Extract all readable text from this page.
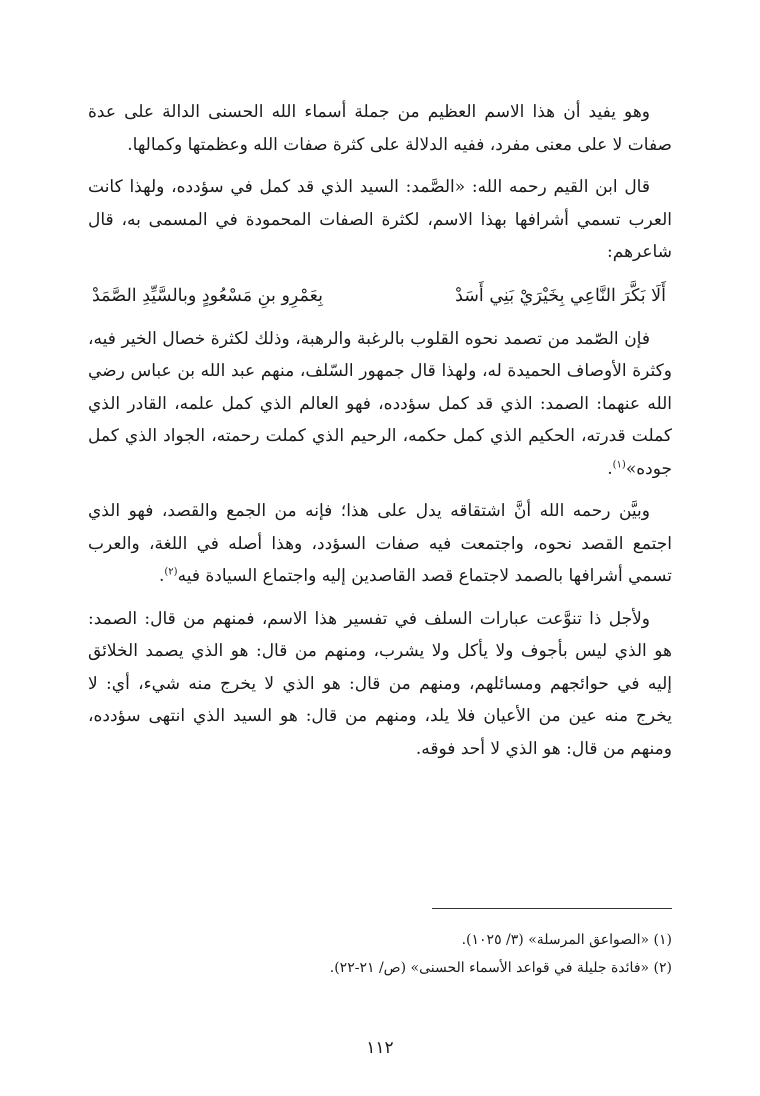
وهو يفيد أن هذا الاسم العظيم من جملة أسماء الله الحسنى الدالة على عدة صفات لا على معنى مفرد، ففيه الدلالة على كثرة صفات الله وعظمتها وكمالها.

قال ابن القيم رحمه الله: «الصَّمد: السيد الذي قد كمل في سؤدده، ولهذا كانت العرب تسمي أشرافها بهذا الاسم، لكثرة الصفات المحمودة في المسمى به، قال شاعرهم:

أَلَا بَكَّرَ النَّاعِي بِخَيْرَيْ بَنِي أَسَدْ
بِعَمْرِو بنِ مَسْعُودٍ وبالسَّيِّدِ الصَّمَدْ

فإن الصّمد من تصمد نحوه القلوب بالرغبة والرهبة، وذلك لكثرة خصال الخير فيه، وكثرة الأوصاف الحميدة له، ولهذا قال جمهور السّلف، منهم عبد الله بن عباس رضي الله عنهما: الصمد: الذي قد كمل سؤدده، فهو العالم الذي كمل علمه، القادر الذي كملت قدرته، الحكيم الذي كمل حكمه، الرحيم الذي كملت رحمته، الجواد الذي كمل جوده»$^{(١)}$.

وبيَّن رحمه الله أنَّ اشتقاقه يدل على هذا؛ فإنه من الجمع والقصد، فهو الذي اجتمع القصد نحوه، واجتمعت فيه صفات السؤدد، وهذا أصله في اللغة، والعرب تسمي أشرافها بالصمد لاجتماع قصد القاصدين إليه واجتماع السيادة فيه$^{(٢)}$.

ولأجل ذا تنوَّعت عبارات السلف في تفسير هذا الاسم، فمنهم من قال: الصمد: هو الذي ليس بأجوف ولا يأكل ولا يشرب، ومنهم من قال: هو الذي يصمد الخلائق إليه في حوائجهم ومسائلهم، ومنهم من قال: هو الذي لا يخرج منه شيء، أي: لا يخرج منه عين من الأعيان فلا يلد، ومنهم من قال: هو السيد الذي انتهى سؤدده، ومنهم من قال: هو الذي لا أحد فوقه.

(١) «الصواعق المرسلة» (٣/ ١٠٢٥).

(٢) «فائدة جليلة في قواعد الأسماء الحسنى» (ص/ ٢١-٢٢).

١١٢
